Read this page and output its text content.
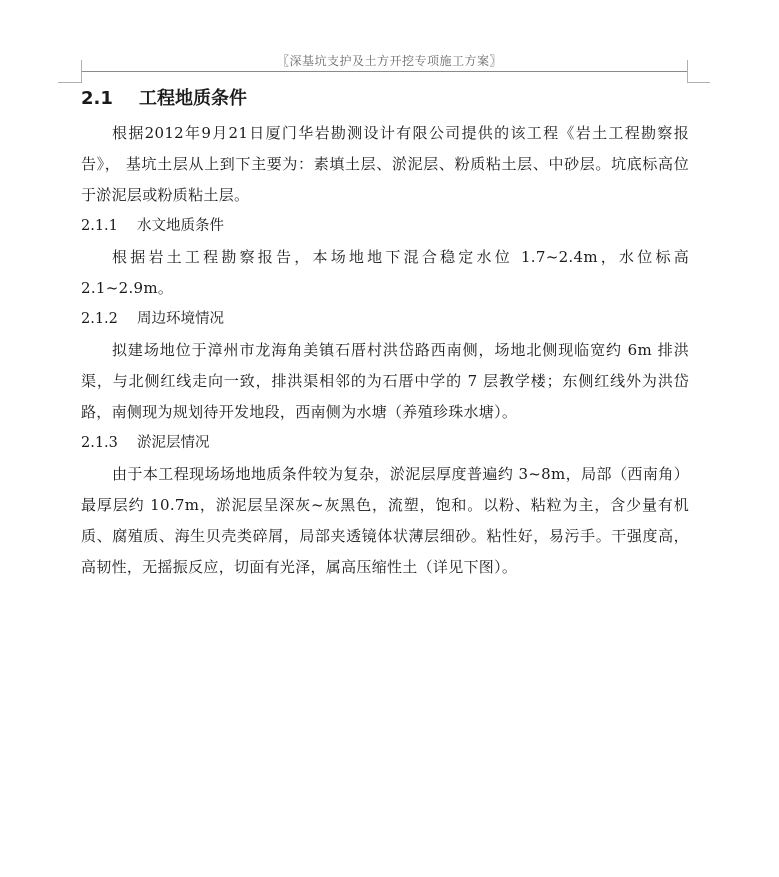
〖深基坑支护及土方开挖专项施工方案〗
2.1 工程地质条件

根据2012年9月21日厦门华岩勘测设计有限公司提供的该工程《岩土工程勘察报告》， 基坑土层从上到下主要为：素填土层、淤泥层、粉质粘土层、中砂层。坑底标高位于淤泥层或粉质粘土层。

2.1.1 水文地质条件

根据岩土工程勘察报告，本场地地下混合稳定水位 1.7~2.4m，水位标高 2.1~2.9m。

2.1.2 周边环境情况

拟建场地位于漳州市龙海角美镇石厝村洪岱路西南侧，场地北侧现临宽约 6m 排洪渠，与北侧红线走向一致，排洪渠相邻的为石厝中学的 7 层教学楼；东侧红线外为洪岱路，南侧现为规划待开发地段，西南侧为水塘（养殖珍珠水塘）。

2.1.3 淤泥层情况

由于本工程现场场地地质条件较为复杂，淤泥层厚度普遍约 3~8m，局部（西南角）最厚层约 10.7m，淤泥层呈深灰~灰黑色，流塑，饱和。以粉、粘粒为主，含少量有机质、腐殖质、海生贝壳类碎屑，局部夹透镜体状薄层细砂。粘性好，易污手。干强度高，高韧性，无摇振反应，切面有光泽，属高压缩性土（详见下图）。
